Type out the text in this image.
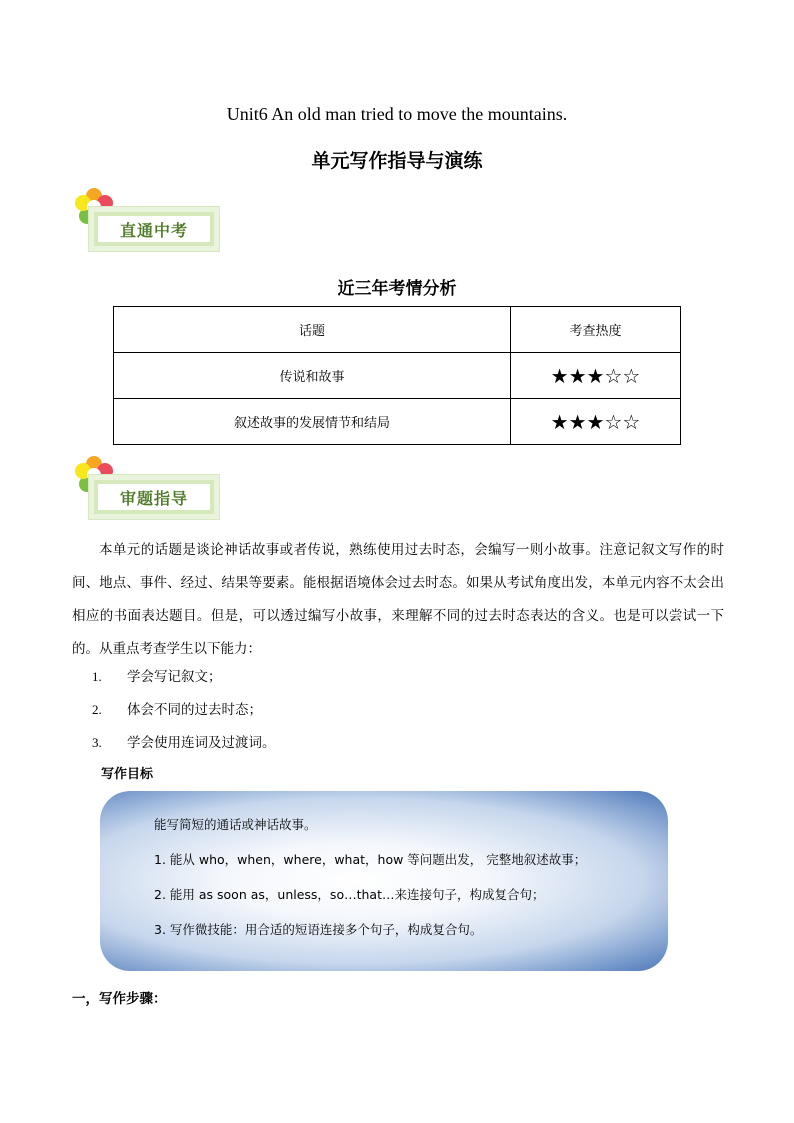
Unit6 An old man tried to move the mountains.
单元写作指导与演练
直通中考
近三年考情分析
话题	考查热度
传说和故事	★★★☆☆
叙述故事的发展情节和结局	★★★☆☆
审题指导
本单元的话题是谈论神话故事或者传说，熟练使用过去时态，会编写一则小故事。注意记叙文写作的时间、地点、事件、经过、结果等要素。能根据语境体会过去时态。如果从考试角度出发，本单元内容不太会出相应的书面表达题目。但是，可以透过编写小故事，来理解不同的过去时态表达的含义。也是可以尝试一下的。从重点考查学生以下能力：
1. 学会写记叙文；
2. 体会不同的过去时态；
3. 学会使用连词及过渡词。
写作目标
能写简短的通话或神话故事。
1. 能从 who，when，where，what，how 等问题出发， 完整地叙述故事；
2. 能用 as soon as，unless，so…that…来连接句子，构成复合句；
3. 写作微技能：用合适的短语连接多个句子，构成复合句。
一，写作步骤：
